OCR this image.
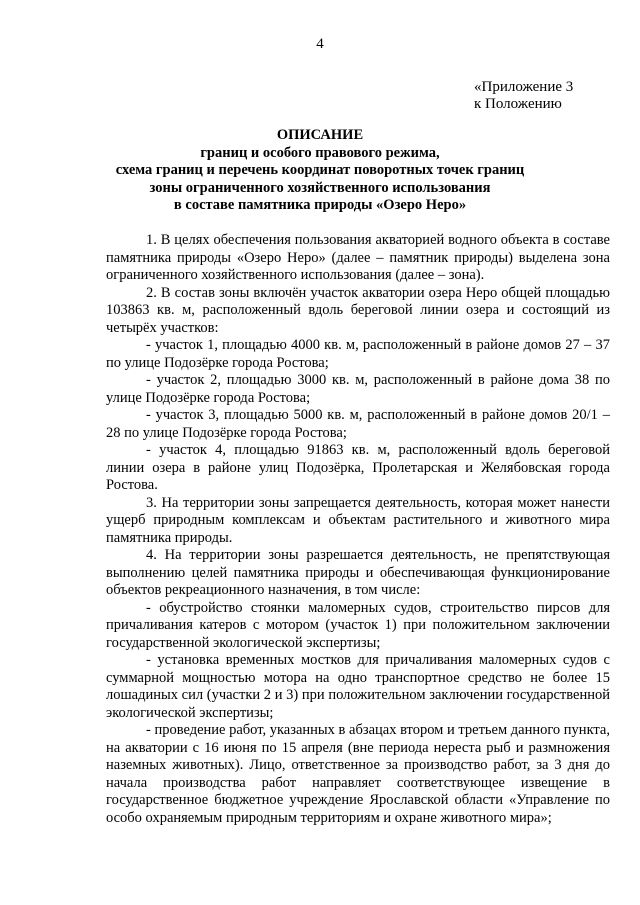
4
«Приложение 3
к Положению
ОПИСАНИЕ
границ и особого правового режима,
схема границ и перечень координат поворотных точек границ
зоны ограниченного хозяйственного использования
в составе памятника природы «Озеро Неро»

1. В целях обеспечения пользования акваторией водного объекта в составе памятника природы «Озеро Неро» (далее – памятник природы) выделена зона ограниченного хозяйственного использования (далее – зона).

2. В состав зоны включён участок акватории озера Неро общей площадью 103863 кв. м, расположенный вдоль береговой линии озера и состоящий из четырёх участков:

- участок 1, площадью 4000 кв. м, расположенный в районе домов 27 – 37 по улице Подозёрке города Ростова;

- участок 2, площадью 3000 кв. м, расположенный в районе дома 38 по улице Подозёрке города Ростова;

- участок 3, площадью 5000 кв. м, расположенный в районе домов 20/1 – 28 по улице Подозёрке города Ростова;

- участок 4, площадью 91863 кв. м, расположенный вдоль береговой линии озера в районе улиц Подозёрка, Пролетарская и Желябовская города Ростова.

3. На территории зоны запрещается деятельность, которая может нанести ущерб природным комплексам и объектам растительного и животного мира памятника природы.

4. На территории зоны разрешается деятельность, не препятствующая выполнению целей памятника природы и обеспечивающая функционирование объектов рекреационного назначения, в том числе:

- обустройство стоянки маломерных судов, строительство пирсов для причаливания катеров с мотором (участок 1) при положительном заключении государственной экологической экспертизы;

- установка временных мостков для причаливания маломерных судов с суммарной мощностью мотора на одно транспортное средство не более 15 лошадиных сил (участки 2 и 3) при положительном заключении государственной экологической экспертизы;

- проведение работ, указанных в абзацах втором и третьем данного пункта, на акватории с 16 июня по 15 апреля (вне периода нереста рыб и размножения наземных животных). Лицо, ответственное за производство работ, за 3 дня до начала производства работ направляет соответствующее извещение в государственное бюджетное учреждение Ярославской области «Управление по особо охраняемым природным территориям и охране животного мира»;
